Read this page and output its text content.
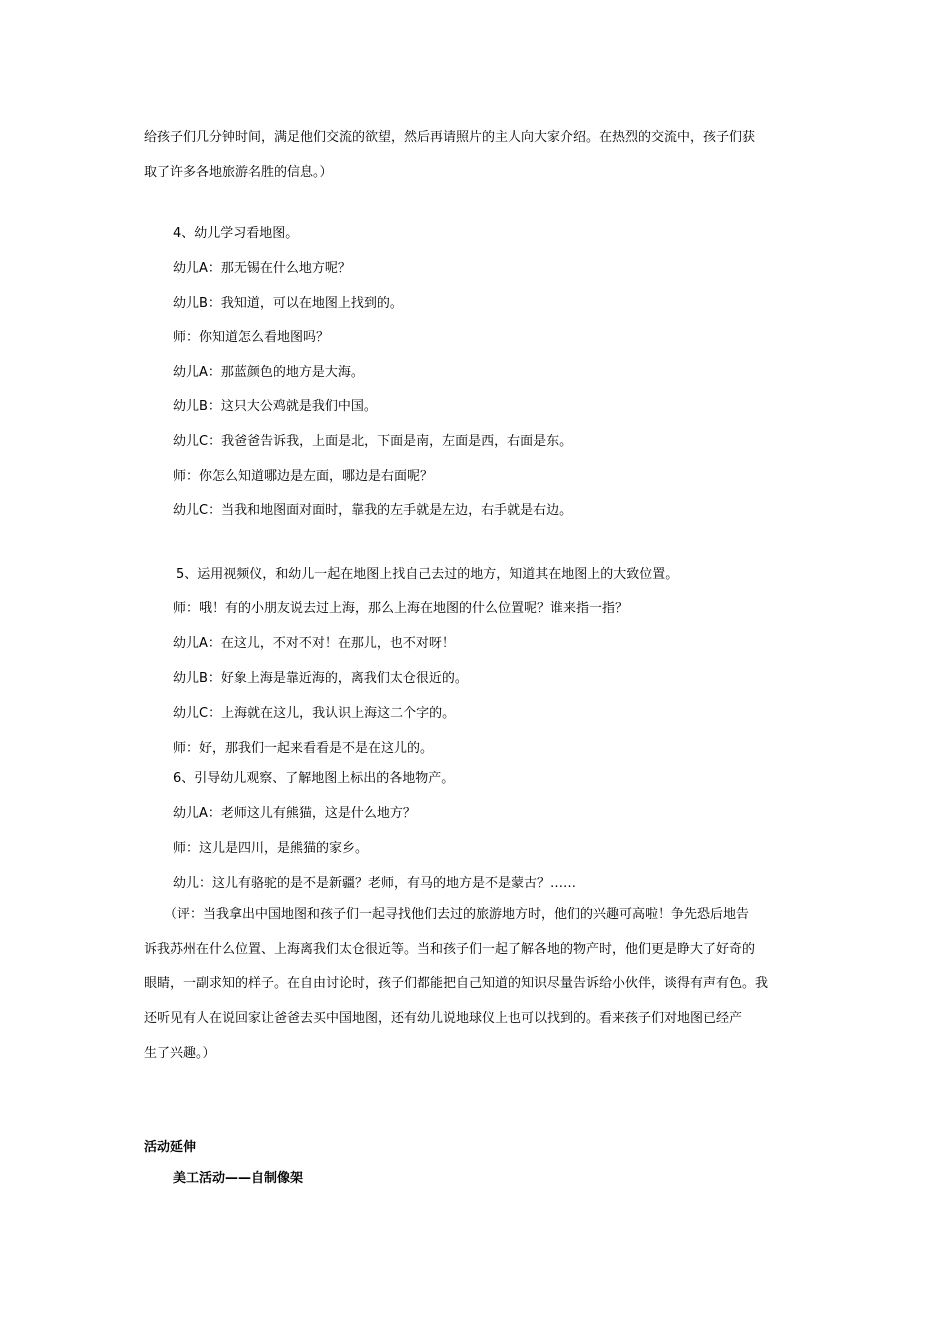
给孩子们几分钟时间，满足他们交流的欲望，然后再请照片的主人向大家介绍。在热烈的交流中，孩子们获
取了许多各地旅游名胜的信息。）
4、幼儿学习看地图。
幼儿A：那无锡在什么地方呢？
幼儿B：我知道，可以在地图上找到的。
师：你知道怎么看地图吗？
幼儿A：那蓝颜色的地方是大海。
幼儿B：这只大公鸡就是我们中国。
幼儿C：我爸爸告诉我，上面是北，下面是南，左面是西，右面是东。
师：你怎么知道哪边是左面，哪边是右面呢？
幼儿C：当我和地图面对面时，靠我的左手就是左边，右手就是右边。
5、运用视频仪，和幼儿一起在地图上找自己去过的地方，知道其在地图上的大致位置。
师：哦！有的小朋友说去过上海，那么上海在地图的什么位置呢？谁来指一指？
幼儿A：在这儿，不对不对！在那儿，也不对呀！
幼儿B：好象上海是靠近海的，离我们太仓很近的。
幼儿C：上海就在这儿，我认识上海这二个字的。
师：好，那我们一起来看看是不是在这儿的。
6、引导幼儿观察、了解地图上标出的各地物产。
幼儿A：老师这儿有熊猫，这是什么地方？
师：这儿是四川，是熊猫的家乡。
幼儿：这儿有骆驼的是不是新疆？老师，有马的地方是不是蒙古？……
（评：当我拿出中国地图和孩子们一起寻找他们去过的旅游地方时，他们的兴趣可高啦！争先恐后地告
诉我苏州在什么位置、上海离我们太仓很近等。当和孩子们一起了解各地的物产时，他们更是睁大了好奇的
眼睛，一副求知的样子。在自由讨论时，孩子们都能把自己知道的知识尽量告诉给小伙伴，谈得有声有色。我
还听见有人在说回家让爸爸去买中国地图，还有幼儿说地球仪上也可以找到的。看来孩子们对地图已经产
生了兴趣。）
活动延伸
美工活动——自制像架
